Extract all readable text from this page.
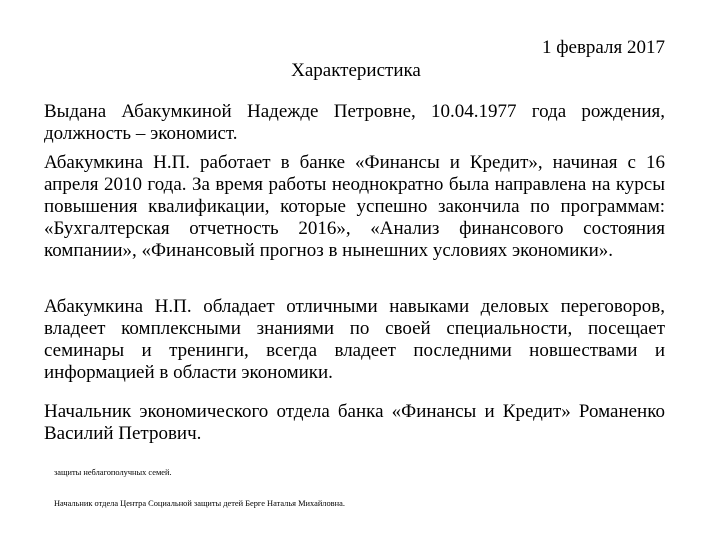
1 февраля 2017
Характеристика

Выдана Абакумкиной Надежде Петровне, 10.04.1977 года рождения, должность – экономист.

Абакумкина Н.П. работает в банке «Финансы и Кредит», начиная с 16 апреля 2010 года. За время работы неоднократно была направлена на курсы повышения квалификации, которые успешно закончила по программам: «Бухгалтерская отчетность 2016», «Анализ финансового состояния компании», «Финансовый прогноз в нынешних условиях экономики».

Абакумкина Н.П. обладает отличными навыками деловых переговоров, владеет комплексными знаниями по своей специальности, посещает семинары и тренинги, всегда владеет последними новшествами и информацией в области экономики.

Начальник экономического отдела банка «Финансы и Кредит» Романенко Василий Петрович.

защиты неблагополучных семей.

Начальник отдела Центра Социальной защиты детей Берге Наталья Михайловна.
